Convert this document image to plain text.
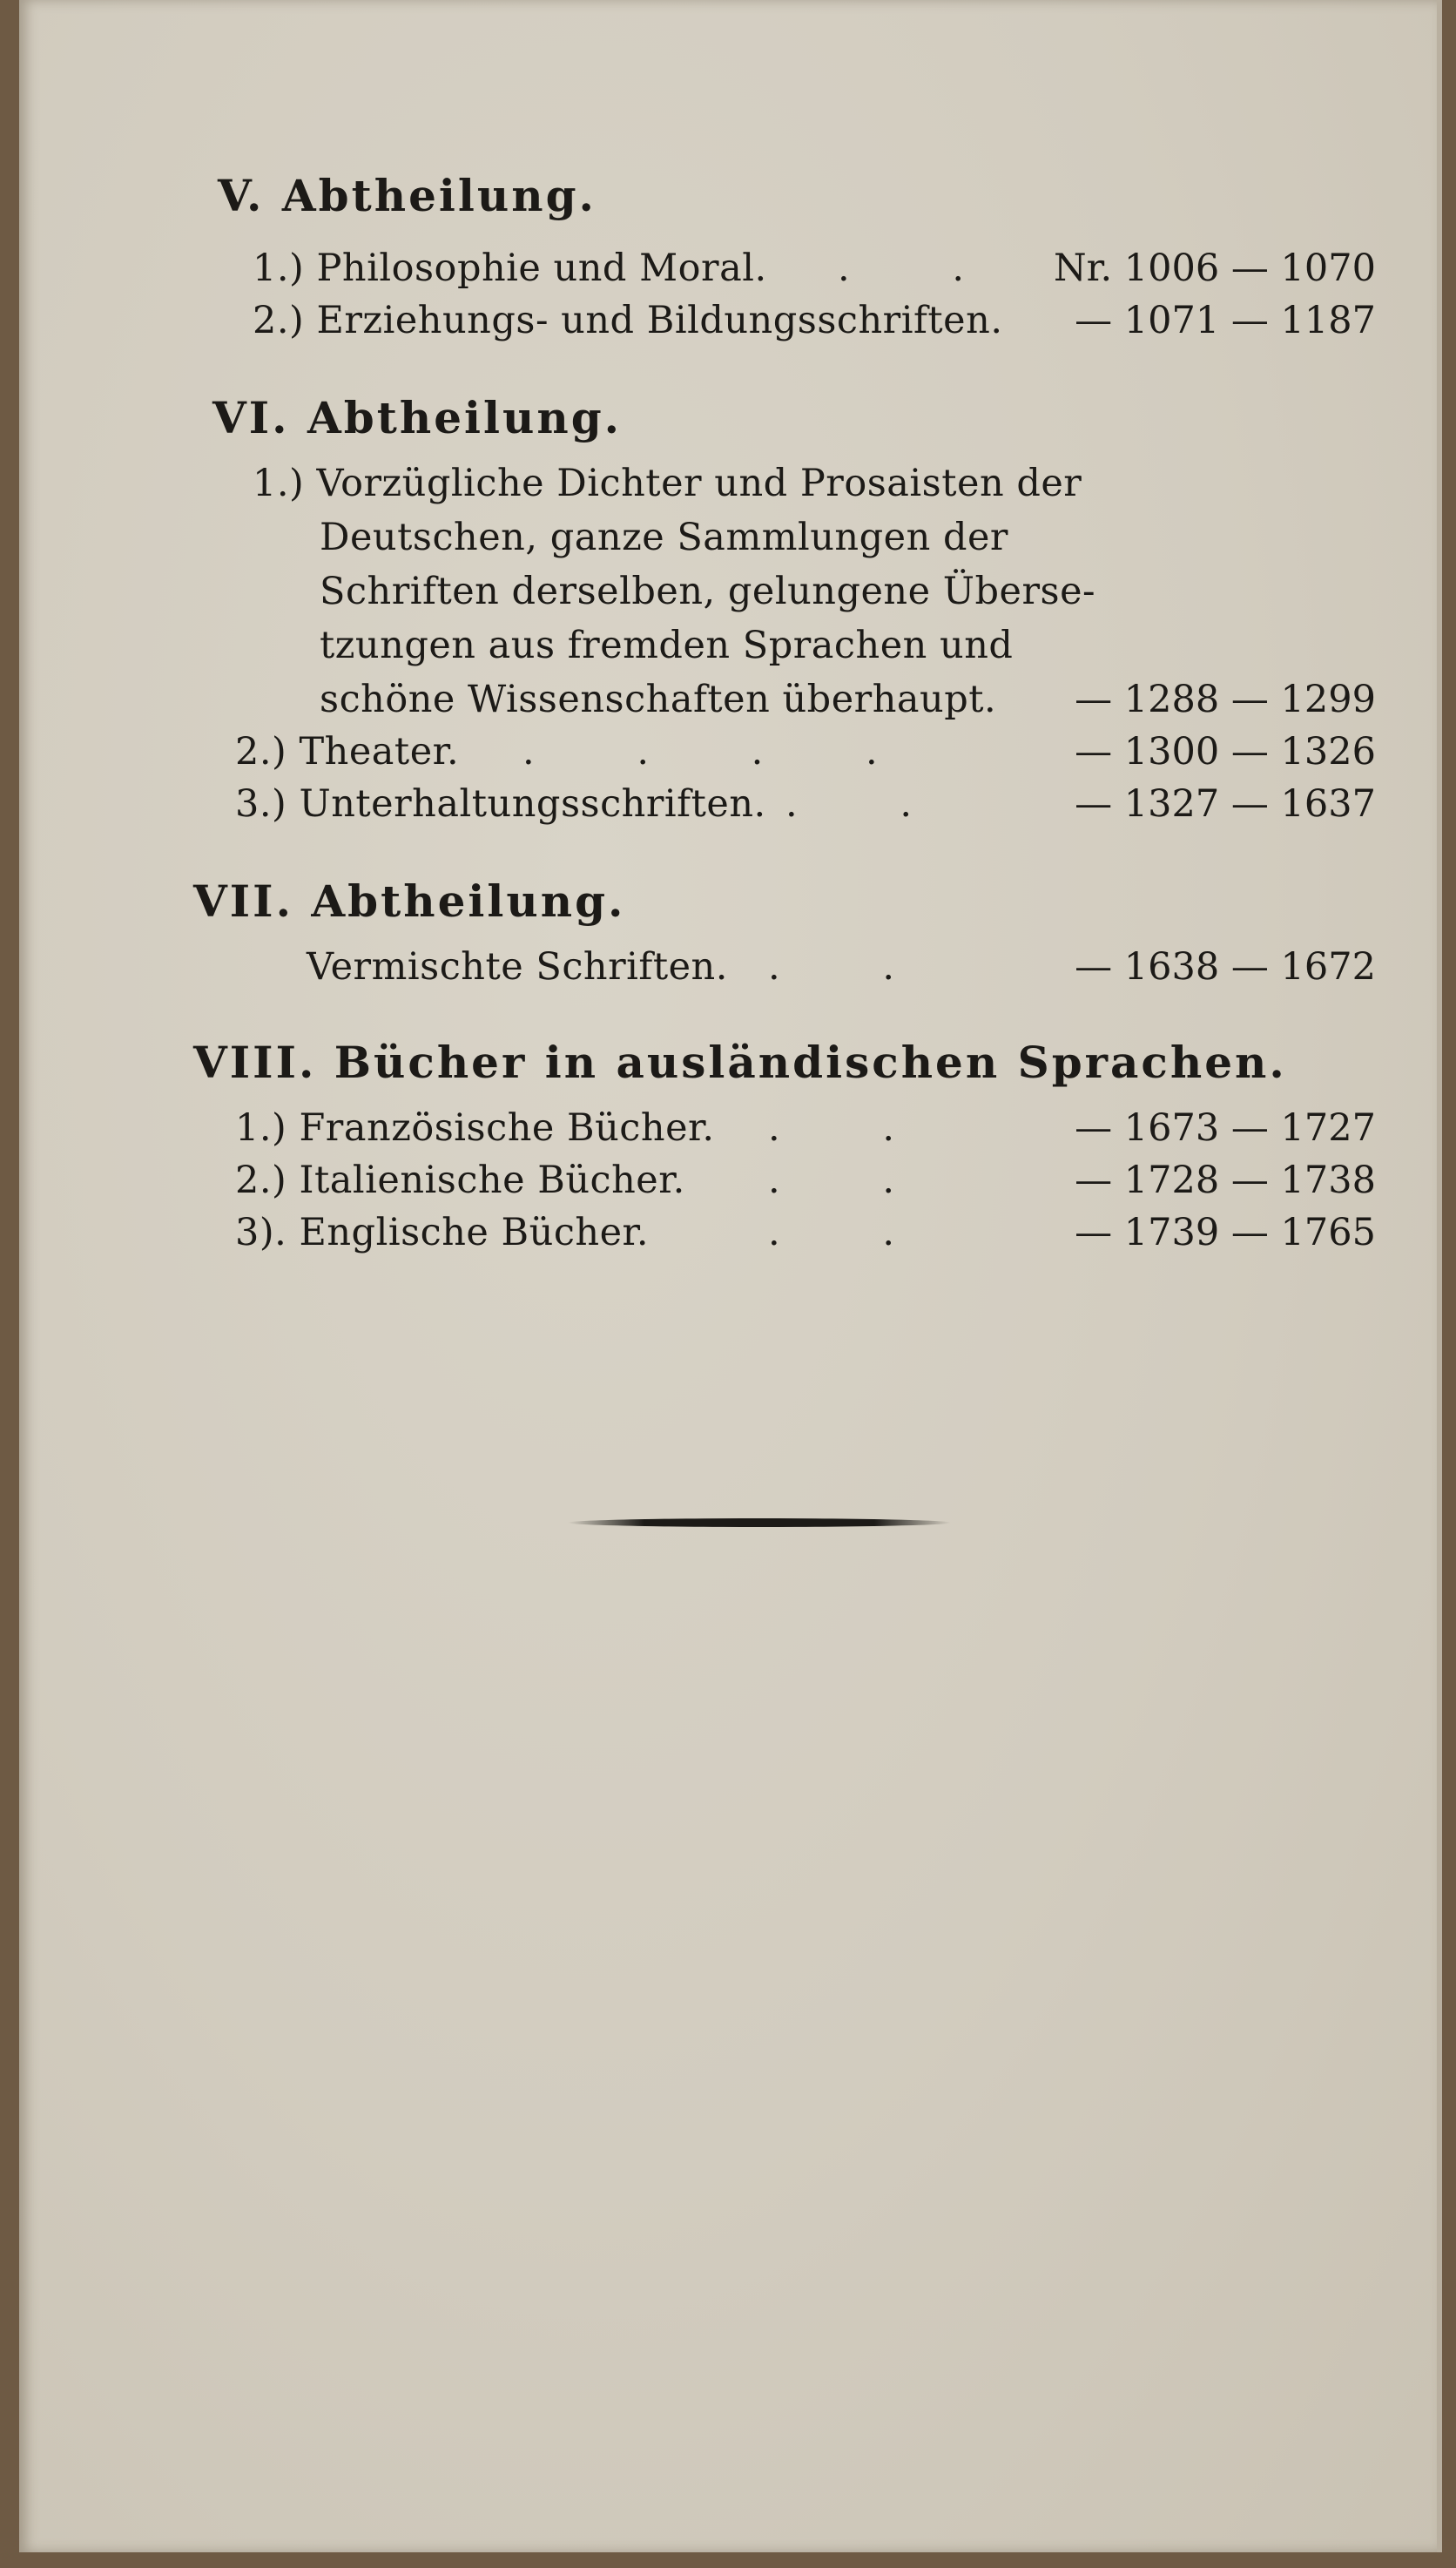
V. Abtheilung.
1.) Philosophie und Moral. . . Nr. 1006 — 1070
2.) Erziehungs- und Bildungsschriften. — 1071 — 1187
VI. Abtheilung.
1.) Vorzügliche Dichter und Prosaisten der
Deutschen, ganze Sammlungen der
Schriften derselben, gelungene Überse-
tzungen aus fremden Sprachen und
schöne Wissenschaften überhaupt. — 1288 — 1299
2.) Theater. . . . .	— 1300 — 1326
3.) Unterhaltungsschriften. . .	— 1327 — 1637
VII. Abtheilung.
Vermischte Schriften. . .	— 1638 — 1672
VIII. Bücher in ausländischen Sprachen.
1.) Französische Bücher. . .	— 1673 — 1727
2.) Italienische Bücher. . .	— 1728 — 1738
3). Englische Bücher.	. .	— 1739 — 1765
